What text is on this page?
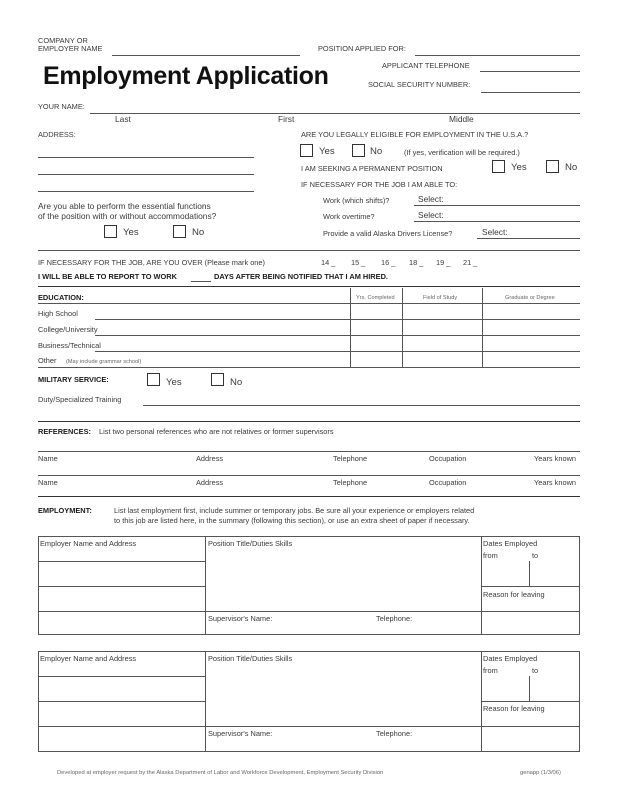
COMPANY OR
EMPLOYER NAME	POSITION APPLIED FOR:
Employment Application	APPLICANT TELEPHONE
SOCIAL SECURITY NUMBER:
YOUR NAME:
Last	First	Middle
ADDRESS:	ARE YOU LEGALLY ELIGIBLE FOR EMPLOYMENT IN THE U.S.A.?
Yes	No	(If yes, verification will be required.)
I AM SEEKING A PERMANENT POSITION	Yes	No
IF NECESSARY FOR THE JOB I AM ABLE TO:
Work (which shifts)?	Select:
Work overtime?	Select:
Provide a valid Alaska Drivers License?	Select:
Are you able to perform the essential functions
of the position with or without accommodations?
Yes	No
IF NECESSARY FOR THE JOB, ARE YOU OVER (Please mark one)	14 _ 15 _ 16 _ 18 _ 19 _ 21 _
I WILL BE ABLE TO REPORT TO WORK	DAYS AFTER BEING NOTIFIED THAT I AM HIRED.
EDUCATION:	Yrs. Completed	Field of Study	Graduate or Degree
High School
College/University
Business/Technical
Other (May include grammar school)
MILITARY SERVICE:	Yes	No
Duty/Specialized Training
REFERENCES: List two personal references who are not relatives or former supervisors
Name	Address	Telephone	Occupation	Years known
Name	Address	Telephone	Occupation	Years known
EMPLOYMENT:	List last employment first, include summer or temporary jobs. Be sure all your experience or employers related
to this job are listed here, in the summary (following this section), or use an extra sheet of paper if necessary.
Employer Name and Address	Position Title/Duties Skills	Dates Employed
from	to
Reason for leaving
Supervisor's Name:	Telephone:
Employer Name and Address	Position Title/Duties Skills	Dates Employed
from	to
Reason for leaving
Supervisor's Name:	Telephone:
Developed at employer request by the Alaska Department of Labor and Workforce Development, Employment Security Division	genapp (1/3/06)
